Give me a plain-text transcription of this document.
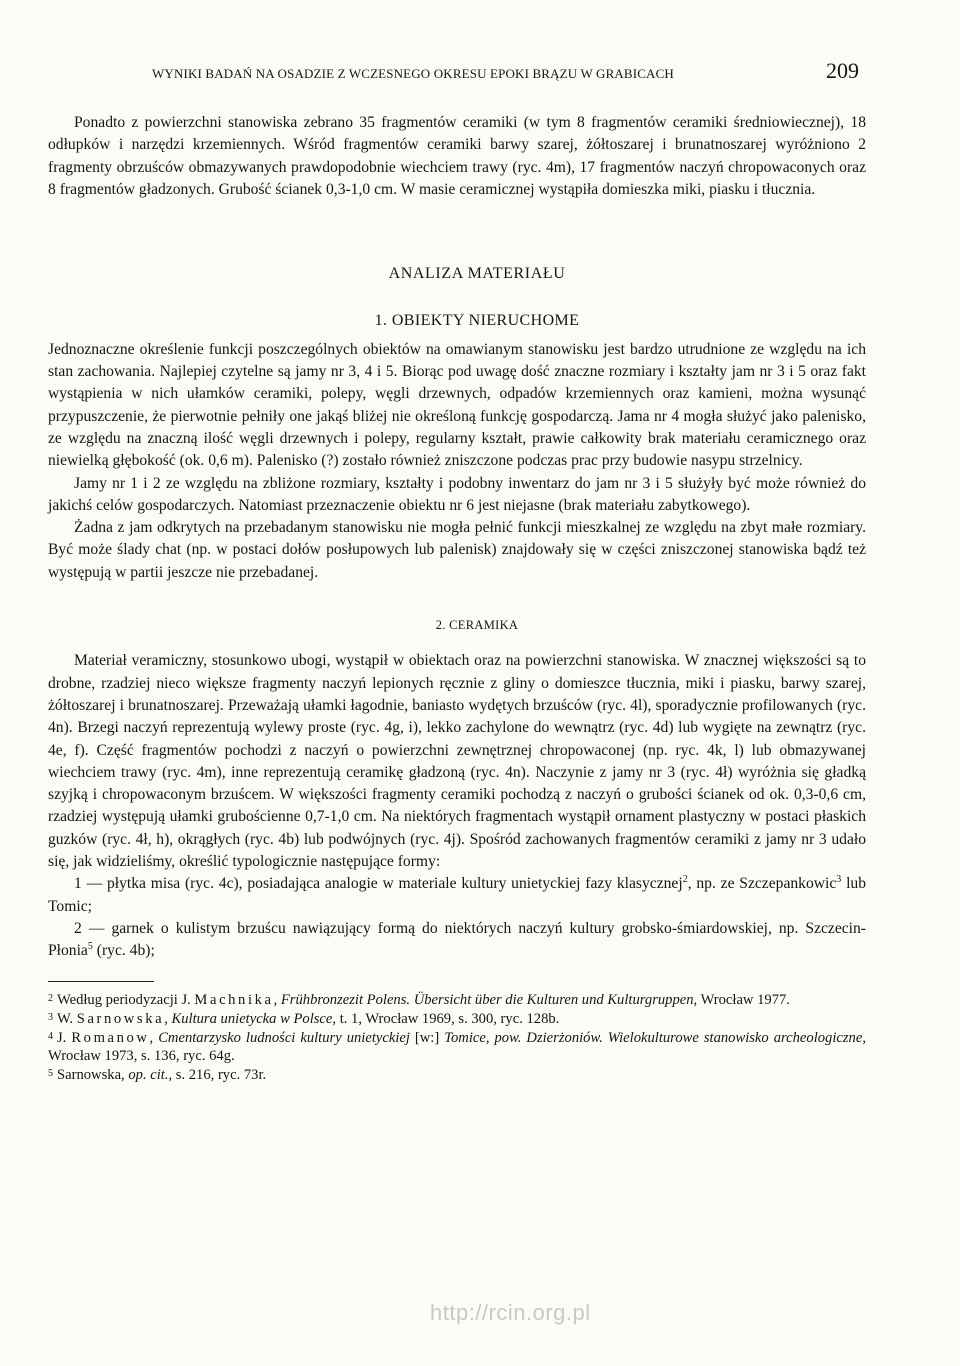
WYNIKI BADAŃ NA OSADZIE Z WCZESNEGO OKRESU EPOKI BRĄZU W GRABICACH	209

Ponadto z powierzchni stanowiska zebrano 35 fragmentów ceramiki (w tym 8 fragmentów ceramiki średniowiecznej), 18 odłupków i narzędzi krzemiennych. Wśród fragmentów ceramiki barwy szarej, żółtoszarej i brunatnoszarej wyróżniono 2 fragmenty obrzuśców obmazywanych prawdopodobnie wiechciem trawy (ryc. 4m), 17 fragmentów naczyń chropowaconych oraz 8 fragmentów gładzonych. Grubość ścianek 0,3-1,0 cm. W masie ceramicznej wystąpiła domieszka miki, piasku i tłucznia.

ANALIZA MATERIAŁU
1. OBIEKTY NIERUCHOME

Jednoznaczne określenie funkcji poszczególnych obiektów na omawianym stanowisku jest bardzo utrudnione ze względu na ich stan zachowania. Najlepiej czytelne są jamy nr 3, 4 i 5. Biorąc pod uwagę dość znaczne rozmiary i kształty jam nr 3 i 5 oraz fakt wystąpienia w nich ułamków ceramiki, polepy, węgli drzewnych, odpadów krzemiennych oraz kamieni, można wysunąć przypuszczenie, że pierwotnie pełniły one jakąś bliżej nie określoną funkcję gospodarczą. Jama nr 4 mogła służyć jako palenisko, ze względu na znaczną ilość węgli drzewnych i polepy, regularny kształt, prawie całkowity brak materiału ceramicznego oraz niewielką głębokość (ok. 0,6 m). Palenisko (?) zostało również zniszczone podczas prac przy budowie nasypu strzelnicy.

Jamy nr 1 i 2 ze względu na zbliżone rozmiary, kształty i podobny inwentarz do jam nr 3 i 5 służyły być może również do jakichś celów gospodarczych. Natomiast przeznaczenie obiektu nr 6 jest niejasne (brak materiału zabytkowego).

Żadna z jam odkrytych na przebadanym stanowisku nie mogła pełnić funkcji mieszkalnej ze względu na zbyt małe rozmiary. Być może ślady chat (np. w postaci dołów posłupowych lub palenisk) znajdowały się w części zniszczonej stanowiska bądź też występują w partii jeszcze nie przebadanej.

2. CERAMIKA

Materiał veramiczny, stosunkowo ubogi, wystąpił w obiektach oraz na powierzchni stanowiska. W znacznej większości są to drobne, rzadziej nieco większe fragmenty naczyń lepionych ręcznie z gliny o domieszce tłucznia, miki i piasku, barwy szarej, żółtoszarej i brunatnoszarej. Przeważają ułamki łagodnie, baniasto wydętych brzuśców (ryc. 4l), sporadycznie profilowanych (ryc. 4n). Brzegi naczyń reprezentują wylewy proste (ryc. 4g, i), lekko zachylone do wewnątrz (ryc. 4d) lub wygięte na zewnątrz (ryc. 4e, f). Część fragmentów pochodzi z naczyń o powierzchni zewnętrznej chropowaconej (np. ryc. 4k, l) lub obmazywanej wiechciem trawy (ryc. 4m), inne reprezentują ceramikę gładzoną (ryc. 4n). Naczynie z jamy nr 3 (ryc. 4ł) wyróżnia się gładką szyjką i chropowaconym brzuścem. W większości fragmenty ceramiki pochodzą z naczyń o grubości ścianek od ok. 0,3-0,6 cm, rzadziej występują ułamki grubościenne 0,7-1,0 cm. Na niektórych fragmentach wystąpił ornament plastyczny w postaci płaskich guzków (ryc. 4ł, h), okrągłych (ryc. 4b) lub podwójnych (ryc. 4j). Spośród zachowanych fragmentów ceramiki z jamy nr 3 udało się, jak widzieliśmy, określić typologicznie następujące formy:

1 — płytka misa (ryc. 4c), posiadająca analogie w materiale kultury unietyckiej fazy klasycznej$^2$, np. ze Szczepankowic$^3$ lub Tomic;

2 — garnek o kulistym brzuścu nawiązujący formą do niektórych naczyń kultury grobsko-śmiardowskiej, np. Szczecin-Płonia$^5$ (ryc. 4b);

$^2$ Według periodyzacji J. Machnika, Frühbronzezit Polens. Übersicht über die Kulturen und Kulturgruppen, Wrocław 1977.

$^3$ W. Sarnowska, Kultura unietycka w Polsce, t. 1, Wrocław 1969, s. 300, ryc. 128b.

$^4$ J. Romanow, Cmentarzysko ludności kultury unietyckiej [w:] Tomice, pow. Dzierżoniów. Wielokulturowe stanowisko archeologiczne, Wrocław 1973, s. 136, ryc. 64g.

$^5$ Sarnowska, op. cit., s. 216, ryc. 73r.

http://rcin.org.pl
